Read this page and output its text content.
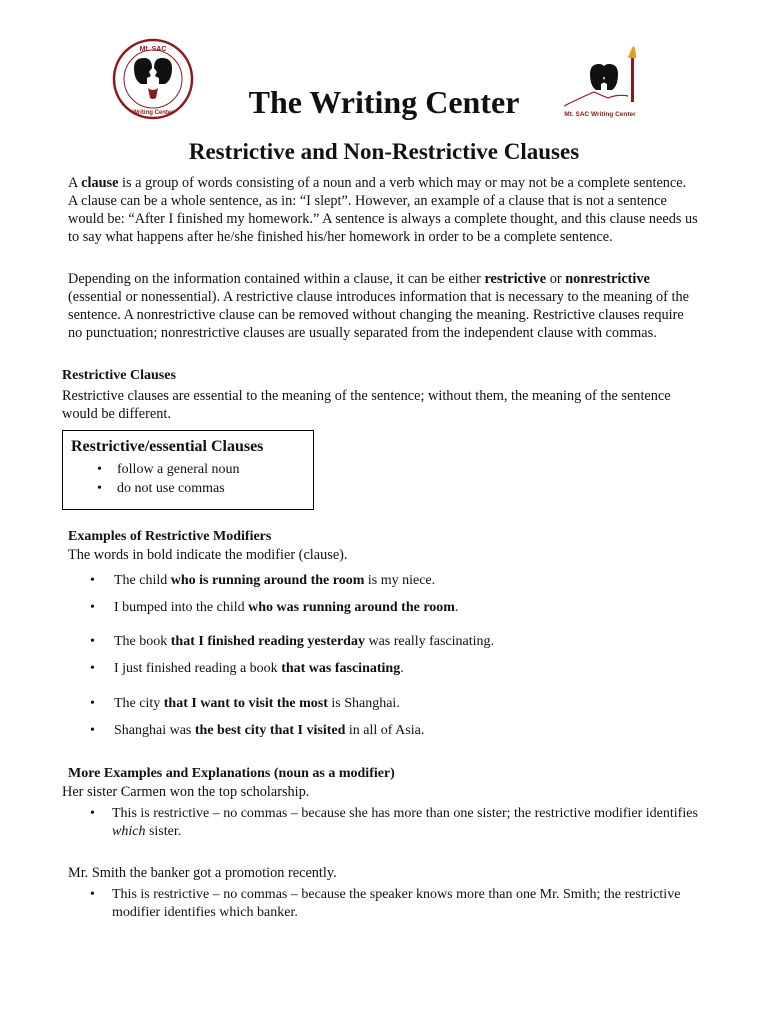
Mt. SAC
Writing Center	The Writing Center	Mt. SAC Writing Center
Restrictive and Non-Restrictive Clauses

A clause is a group of words consisting of a noun and a verb which may or may not be a complete sentence. A clause can be a whole sentence, as in: “I slept”. However, an example of a clause that is not a sentence would be: “After I finished my homework.” A sentence is always a complete thought, and this clause needs us to say what happens after he/she finished his/her homework in order to be a complete sentence.

Depending on the information contained within a clause, it can be either restrictive or nonrestrictive (essential or nonessential). A restrictive clause introduces information that is necessary to the meaning of the sentence. A nonrestrictive clause can be removed without changing the meaning. Restrictive clauses require no punctuation; nonrestrictive clauses are usually separated from the independent clause with commas.

Restrictive Clauses

Restrictive clauses are essential to the meaning of the sentence; without them, the meaning of the sentence would be different.

Restrictive/essential Clauses

• follow a general noun
• do not use commas

Examples of Restrictive Modifiers

The words in bold indicate the modifier (clause).

• The child who is running around the room is my niece.
• I bumped into the child who was running around the room.
• The book that I finished reading yesterday was really fascinating.
• I just finished reading a book that was fascinating.
• The city that I want to visit the most is Shanghai.
• Shanghai was the best city that I visited in all of Asia.
• This is restrictive – no commas – because she has more than one sister; the restrictive modifier identifies which sister.
• This is restrictive – no commas – because the speaker knows more than one Mr. Smith; the restrictive modifier identifies which banker.

More Examples and Explanations (noun as a modifier)

Her sister Carmen won the top scholarship.

Mr. Smith the banker got a promotion recently.
